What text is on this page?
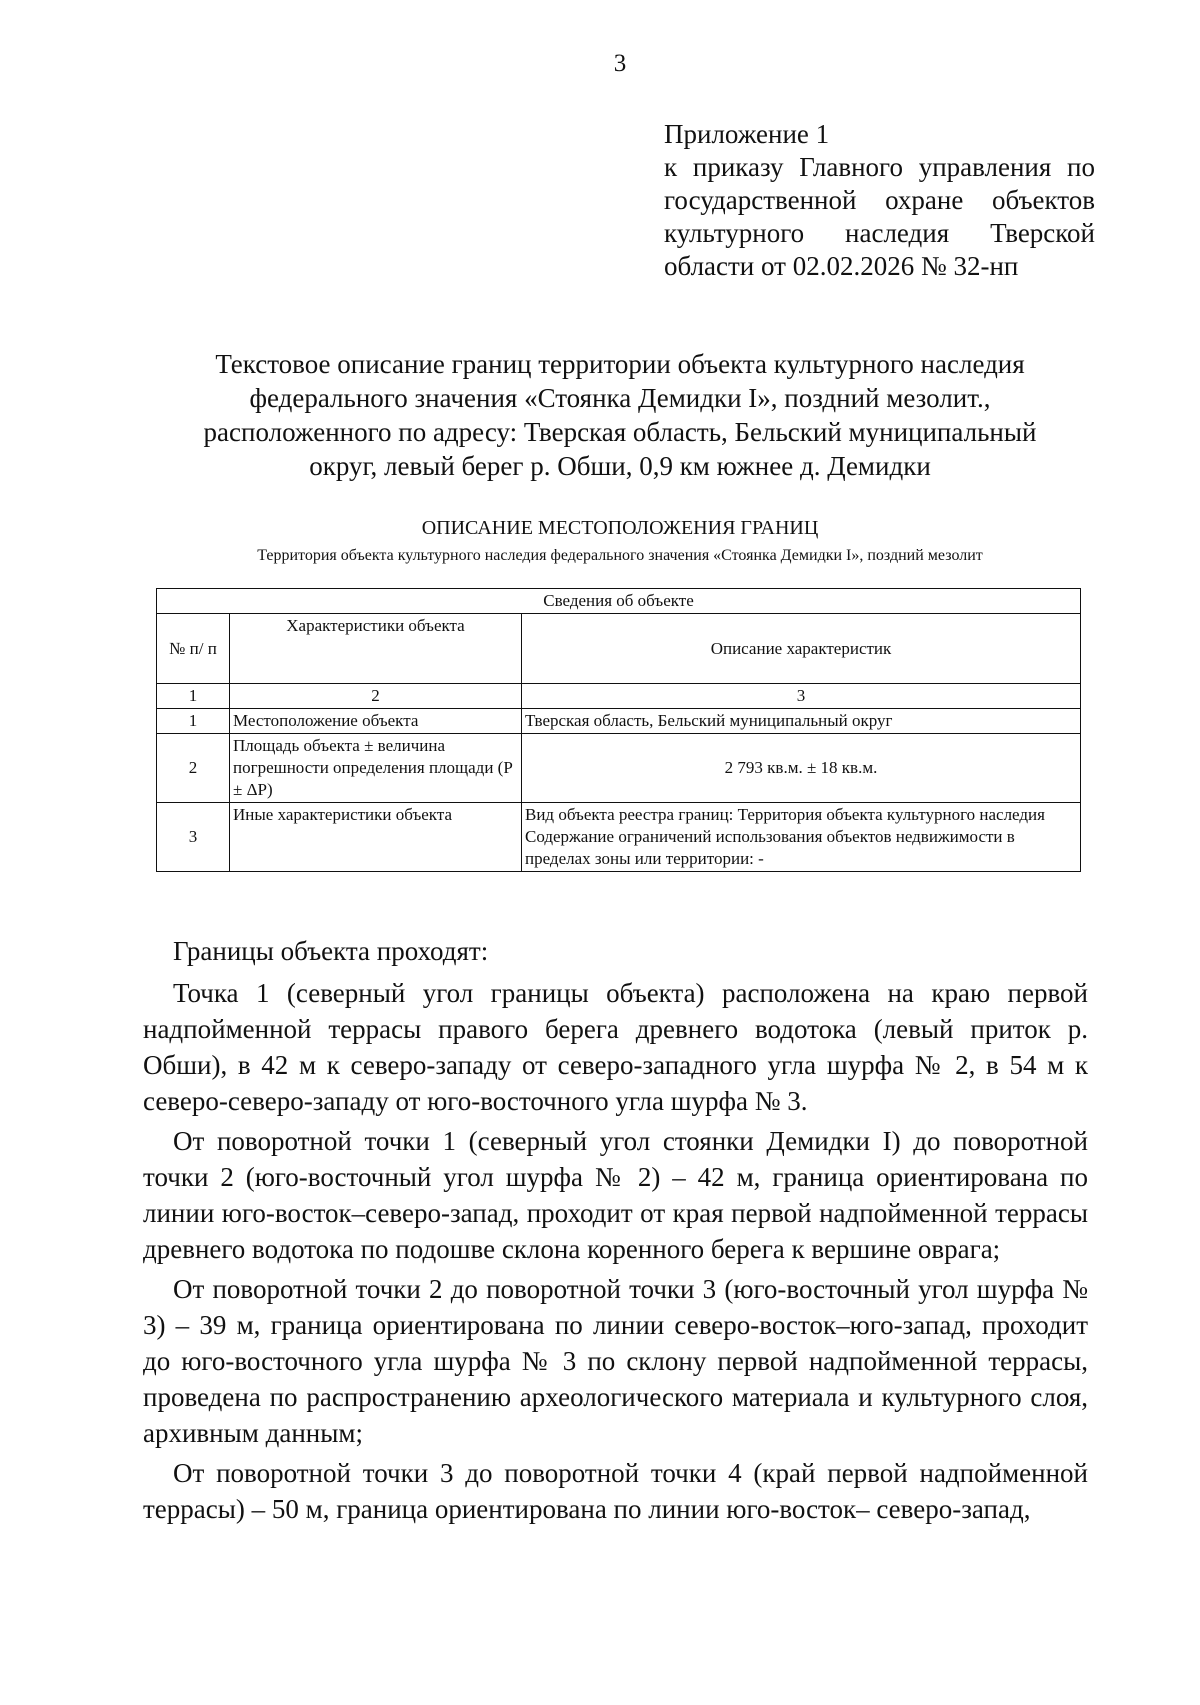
3
Приложение 1
к приказу Главного управления по
государственной охране объектов
культурного наследия Тверской
области от 02.02.2026 № 32-нп
Текстовое описание границ территории объекта культурного наследия
федерального значения «Стоянка Демидки I», поздний мезолит.,
расположенного по адресу: Тверская область, Бельский муниципальный
округ, левый берег р. Обши, 0,9 км южнее д. Демидки
ОПИСАНИЕ МЕСТОПОЛОЖЕНИЯ ГРАНИЦ
Территория объекта культурного наследия федерального значения «Стоянка Демидки I», поздний мезолит
Сведения об объекте		
№ п/ п	Характеристики объекта	Описание характеристик
1	2	3
1	Местоположение объекта	Тверская область, Бельский муниципальный округ
2	Площадь объекта ± величина погрешности определения площади (P ± ΔP)	2 793 кв.м. ± 18 кв.м.
3	Иные характеристики объекта	Вид объекта реестра границ: Территория объекта культурного наследия
Содержание ограничений использования объектов недвижимости в пределах зоны или территории: -

Границы объекта проходят:

Точка 1 (северный угол границы объекта) расположена на краю первой надпойменной террасы правого берега древнего водотока (левый приток р. Обши), в 42 м к северо-западу от северо-западного угла шурфа № 2, в 54 м к северо-северо-западу от юго-восточного угла шурфа № 3.

От поворотной точки 1 (северный угол стоянки Демидки I) до поворотной точки 2 (юго-восточный угол шурфа № 2) – 42 м, граница ориентирована по линии юго-восток–северо-запад, проходит от края первой надпойменной террасы древнего водотока по подошве склона коренного берега к вершине оврага;

От поворотной точки 2 до поворотной точки 3 (юго-восточный угол шурфа № 3) – 39 м, граница ориентирована по линии северо-восток–юго-запад, проходит до юго-восточного угла шурфа № 3 по склону первой надпойменной террасы, проведена по распространению археологического материала и культурного слоя, архивным данным;

От поворотной точки 3 до поворотной точки 4 (край первой надпойменной террасы) – 50 м, граница ориентирована по линии юго-восток– северо-запад,
